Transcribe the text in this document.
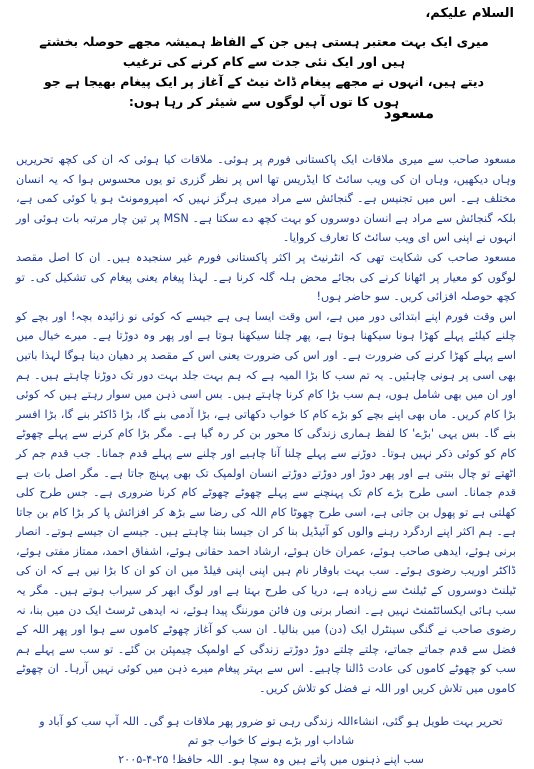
السلام علیکم،

میری ایک بہت معتبر ہستی ہیں جن کے الفاظ ہمیشہ مجھے حوصلہ بخشتے ہیں اور ایک نئی جدت سے کام کرنے کی ترغیب

دیتے ہیں، انہوں نے مجھے پیغام ڈاٹ نیٹ کے آغاز پر ایک پیغام بھیجا ہے جو ہوں کا توں آپ لوگوں سے شیئر کر رہا ہوں:

مسعود

مسعود صاحب سے میری ملاقات ایک پاکستانی فورم پر ہوئی۔ ملاقات کیا ہوئی کہ ان کی کچھ تحریریں وہاں دیکھیں، وہاں ان کی ویب سائٹ کا ایڈریس تھا اس پر نظر گزری تو یوں محسوس ہوا کہ یہ انسان مختلف ہے۔ اس میں تجنیس ہے۔ گنجائش سے مراد میری ہرگز نہیں کہ امپرومونٹ ہو یا کوئی کمی ہے، بلکہ گنجائش سے مراد ہے انسان دوسروں کو بہت کچھ دے سکتا ہے۔ MSN پر تین چار مرتبہ بات ہوئی اور انہوں نے اپنی اس ای ویب سائٹ کا تعارف کروایا۔

مسعود صاحب کی شکایت تھی کہ انٹرنیٹ پر اکثر پاکستانی فورم غیر سنجیدہ ہیں۔ ان کا اصل مقصد لوگوں کو معیار پر اٹھانا کرنے کی بجائے محض ہلہ گلہ کرنا ہے۔ لہذا پیغام یعنی پیغام کی تشکیل کی۔ تو کچھ حوصلہ افزائی کریں۔ سو حاضر ہوں!

اس وقت فورم اپنے ابتدائی دور میں ہے، اس وقت ایسا ہی ہے جیسے کہ کوئی نو زائیدہ بچہ! اور بچے کو چلنے کیلئے پہلے کھڑا ہونا سیکھنا ہوتا ہے، پھر چلنا سیکھنا ہوتا ہے اور پھر وہ دوڑتا ہے۔ میرے خیال میں اسے پہلے کھڑا کرنے کی ضرورت ہے۔ اور اس کی ضرورت یعنی اس کے مقصد پر دھیان دینا ہوگا لہذا باتیں بھی اسی پر ہونی چاہئیں۔ یہ تم سب کا بڑا المیہ ہے کہ ہم بہت جلد بہت دور تک دوڑنا چاہتے ہیں۔ ہم اور ان میں بھی شامل ہوں، ہم سب بڑا کام کرنا چاہتے ہیں۔ بس اسی ذہن میں سوار رہتے ہیں کہ کوئی بڑا کام کریں۔ ماں بھی اپنے بچے کو بڑے کام کا خواب دکھاتی ہے، بڑا آدمی بنے گا، بڑا ڈاکٹر بنے گا، بڑا افسر بنے گا۔ بس یہی 'بڑے' کا لفظ ہماری زندگی کا محور بن کر رہ گیا ہے۔ مگر بڑا کام کرنے سے پہلے چھوٹے کام کو کوئی ذکر نہیں ہوتا۔ دوڑنے سے پہلے چلنا آنا چاہیے اور چلنے سے پہلے قدم جمانا۔ جب قدم جم کر اٹھتے تو چال بنتی ہے اور پھر دوڑ اور دوڑتے دوڑتے انسان اولمپک تک بھی پہنچ جاتا ہے۔ مگر اصل بات ہے قدم جمانا۔ اسی طرح بڑے کام تک پہنچنے سے پہلے چھوٹے چھوٹے کام کرنا ضروری ہے۔ جس طرح کلی کھلتی ہے تو پھول بن جاتی ہے، اسی طرح چھوٹا کام اللہ کی رضا سے بڑھ کر افزائش پا کر بڑا کام بن جاتا ہے۔ ہم اکثر اپنے اردگرد رہنے والوں کو آئیڈیل بنا کر ان جیسا بننا چاہتے ہیں۔ جیسے ان جیسے ہوتے۔ انصار برنی ہوئے، ایدھی صاحب ہوئے، عمران خان ہوئے، ارشاد احمد حقانی ہوئے، اشفاق احمد، ممتاز مفتی ہوئے، ڈاکٹر اوریب رضوی ہوئے۔ سب بہت باوقار نام ہیں اپنی اپنی فیلڈ میں ان کو ان کا بڑا نیں ہے کہ ان کی ٹیلنٹ دوسروں کے ٹیلنٹ سے زیادہ ہے، دریا کی طرح بہتا ہے اور لوگ ابھر کر سیراب ہوتے ہیں۔ مگر یہ سب ہائی ایکسائٹمنٹ نہیں ہے۔ انصار برنی ون فائن مورننگ پیدا ہوئے، نہ ایدھی ٹرسٹ ایک دن میں بنا، نہ رضوی صاحب نے گنگی سینٹرل ایک (دن) میں بنالیا۔ ان سب کو آغاز چھوٹے کاموں سے ہوا اور پھر اللہ کے فضل سے قدم جماتے جماتے، چلتے چلتے دوڑ دوڑتے زندگی کے اولمپک چیمپئن بن گئے۔ تو سب سے پہلے ہم سب کو چھوٹے کاموں کی عادت ڈالنا چاہیے۔ اس سے بہتر پیغام میرے ذہن میں کوئی نہیں آرہا۔ ان چھوٹے کاموں میں تلاش کریں اور اللہ نے فضل کو تلاش کریں۔

تحریر بہت طویل ہو گئی، انشاءاللہ زندگی رہی تو ضرور پھر ملاقات ہو گی۔ اللہ آپ سب کو آباد و شاداب اور بڑے ہونے کا خواب جو تم

سب اپنے ذہنوں میں پاتے ہیں وہ سچا ہو۔ اللہ حافظ! ۲۵-۴-۲۰۰۵
